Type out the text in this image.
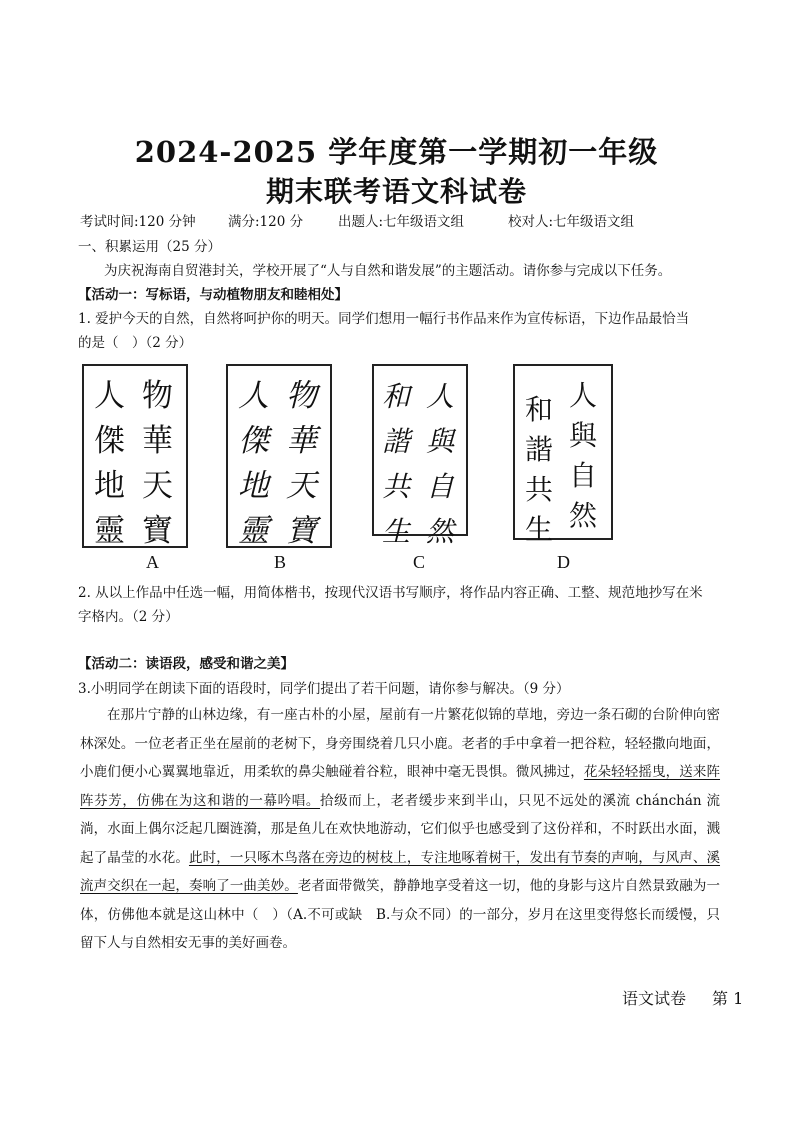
2024-2025 学年度第一学期初一年级
期末联考语文科试卷
考试时间:120 分钟 满分:120 分	出题人:七年级语文组	校对人:七年级语文组
一、积累运用（25 分）
为庆祝海南自贸港封关，学校开展了“人与自然和谐发展”的主题活动。请你参与完成以下任务。
【活动一：写标语，与动植物朋友和睦相处】
1. 爱护今天的自然，自然将呵护你的明天。同学们想用一幅行书作品来作为宣传标语，下边作品最恰当
的是（　）（2 分）
人
傑
地
靈
物
華
天
寶
A
人
傑
地
靈
物
華
天
寶
B
和
諧
共
生
人
與
自
然
C
和
諧
共
生
人
與
自
然
D
2. 从以上作品中任选一幅，用简体楷书，按现代汉语书写顺序，将作品内容正确、工整、规范地抄写在米
字格内。（2 分）
【活动二：读语段，感受和谐之美】
3.小明同学在朗读下面的语段时，同学们提出了若干问题，请你参与解决。（9 分）
在那片宁静的山林边缘，有一座古朴的小屋，屋前有一片繁花似锦的草地，旁边一条石砌的台阶伸向密林深处。一位老者正坐在屋前的老树下，身旁围绕着几只小鹿。老者的手中拿着一把谷粒，轻轻撒向地面，小鹿们便小心翼翼地靠近，用柔软的鼻尖触碰着谷粒，眼神中毫无畏惧。微风拂过，花朵轻轻摇曳，送来阵阵芬芳，仿佛在为这和谐的一幕吟唱。拾级而上，老者缓步来到半山，只见不远处的溪流 chánchán 流淌，水面上偶尔泛起几圈涟漪，那是鱼儿在欢快地游动，它们似乎也感受到了这份祥和，不时跃出水面，溅起了晶莹的水花。此时，一只啄木鸟落在旁边的树枝上，专注地啄着树干，发出有节奏的声响，与风声、溪流声交织在一起，奏响了一曲美妙。老者面带微笑，静静地享受着这一切，他的身影与这片自然景致融为一体，仿佛他本就是这山林中（　）（A.不可或缺　B.与众不同）的一部分，岁月在这里变得悠长而缓慢，只留下人与自然相安无事的美好画卷。
语文试卷 第 1
